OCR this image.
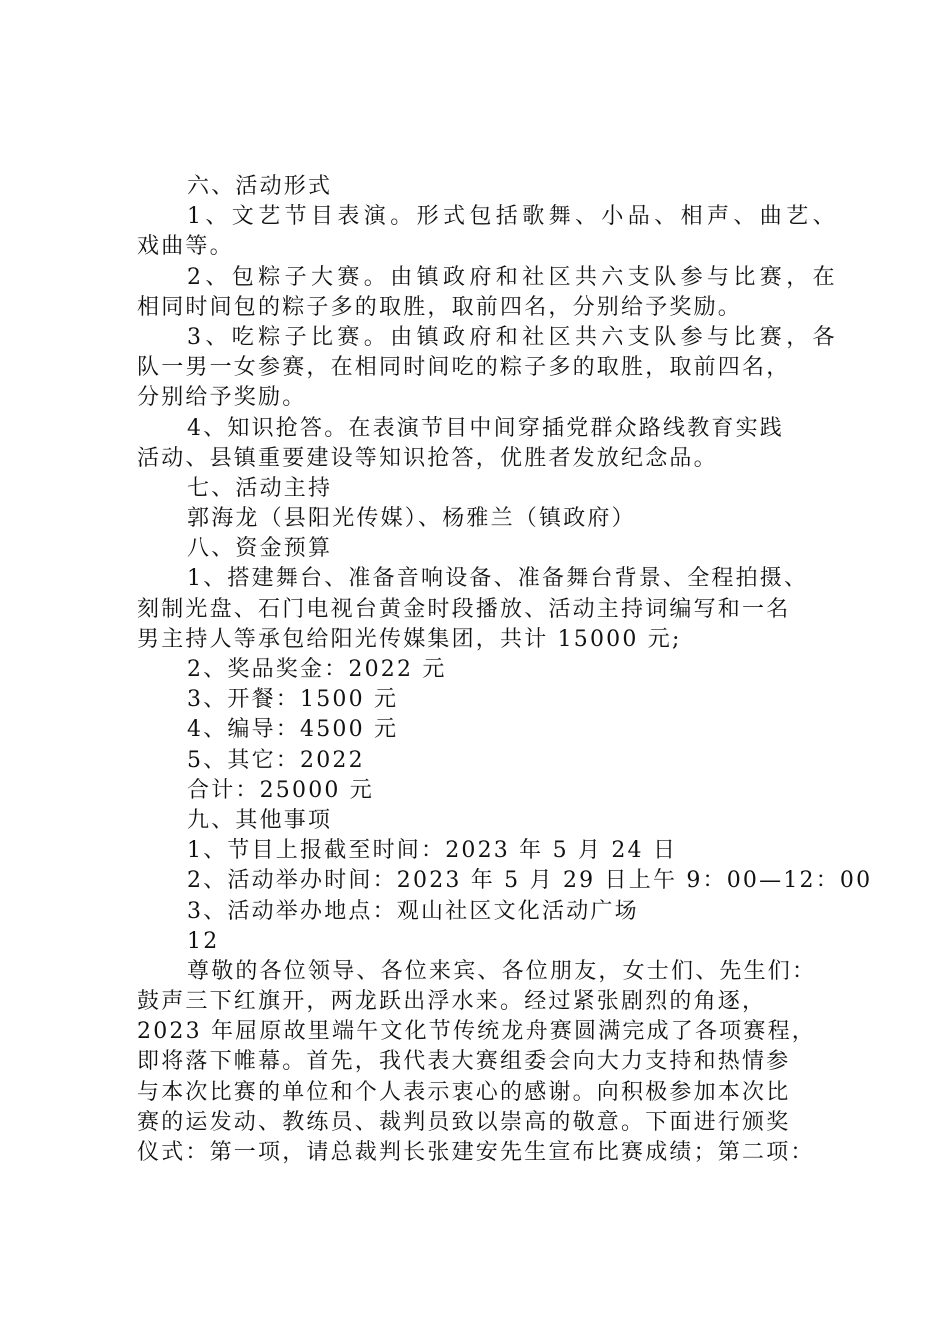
六、活动形式
1、文艺节目表演。形式包括歌舞、小品、相声、曲艺、
戏曲等。
2、包粽子大赛。由镇政府和社区共六支队参与比赛，在
相同时间包的粽子多的取胜，取前四名，分别给予奖励。
3、吃粽子比赛。由镇政府和社区共六支队参与比赛，各
队一男一女参赛，在相同时间吃的粽子多的取胜，取前四名，
分别给予奖励。
4、知识抢答。在表演节目中间穿插党群众路线教育实践
活动、县镇重要建设等知识抢答，优胜者发放纪念品。
七、活动主持
郭海龙（县阳光传媒）、杨雅兰（镇政府）
八、资金预算
1、搭建舞台、准备音响设备、准备舞台背景、全程拍摄、
刻制光盘、石门电视台黄金时段播放、活动主持词编写和一名
男主持人等承包给阳光传媒集团，共计 15000 元;
2、奖品奖金：2022 元
3、开餐：1500 元
4、编导：4500 元
5、其它：2022
合计：25000 元
九、其他事项
1、节目上报截至时间：2023 年 5 月 24 日
2、活动举办时间：2023 年 5 月 29 日上午 9：00—12：00
3、活动举办地点：观山社区文化活动广场
12
尊敬的各位领导、各位来宾、各位朋友，女士们、先生们：
鼓声三下红旗开，两龙跃出浮水来。经过紧张剧烈的角逐，
2023 年屈原故里端午文化节传统龙舟赛圆满完成了各项赛程，
即将落下帷幕。首先，我代表大赛组委会向大力支持和热情参
与本次比赛的单位和个人表示衷心的感谢。向积极参加本次比
赛的运发动、教练员、裁判员致以崇高的敬意。下面进行颁奖
仪式：第一项，请总裁判长张建安先生宣布比赛成绩；第二项：
